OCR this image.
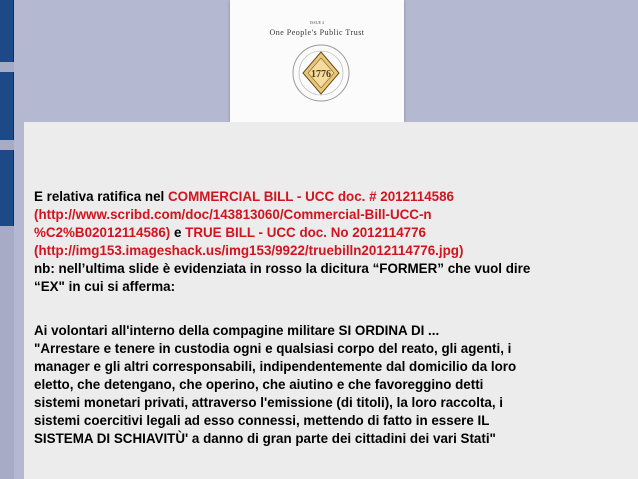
ISSUE 4
One People's Public Trust
1776

E relativa ratifica nel COMMERCIAL BILL - UCC doc. # 2012114586
(http://www.scribd.com/doc/143813060/Commercial-Bill-UCC-n
%C2%B02012114586) e TRUE BILL - UCC doc. No 2012114776
(http://img153.imageshack.us/img153/9922/truebilln2012114776.jpg)
nb: nell’ultima slide è evidenziata in rosso la dicitura “FORMER” che vuol dire
“EX" in cui si afferma:

Ai volontari all'interno della compagine militare SI ORDINA DI ...
"Arrestare e tenere in custodia ogni e qualsiasi corpo del reato, gli agenti, i
manager e gli altri corresponsabili, indipendentemente dal domicilio da loro
eletto, che detengano, che operino, che aiutino e che favoreggino detti
sistemi monetari privati, attraverso l'emissione (di titoli), la loro raccolta, i
sistemi coercitivi legali ad esso connessi, mettendo di fatto in essere IL
SISTEMA DI SCHIAVITÙ' a danno di gran parte dei cittadini dei vari Stati"
